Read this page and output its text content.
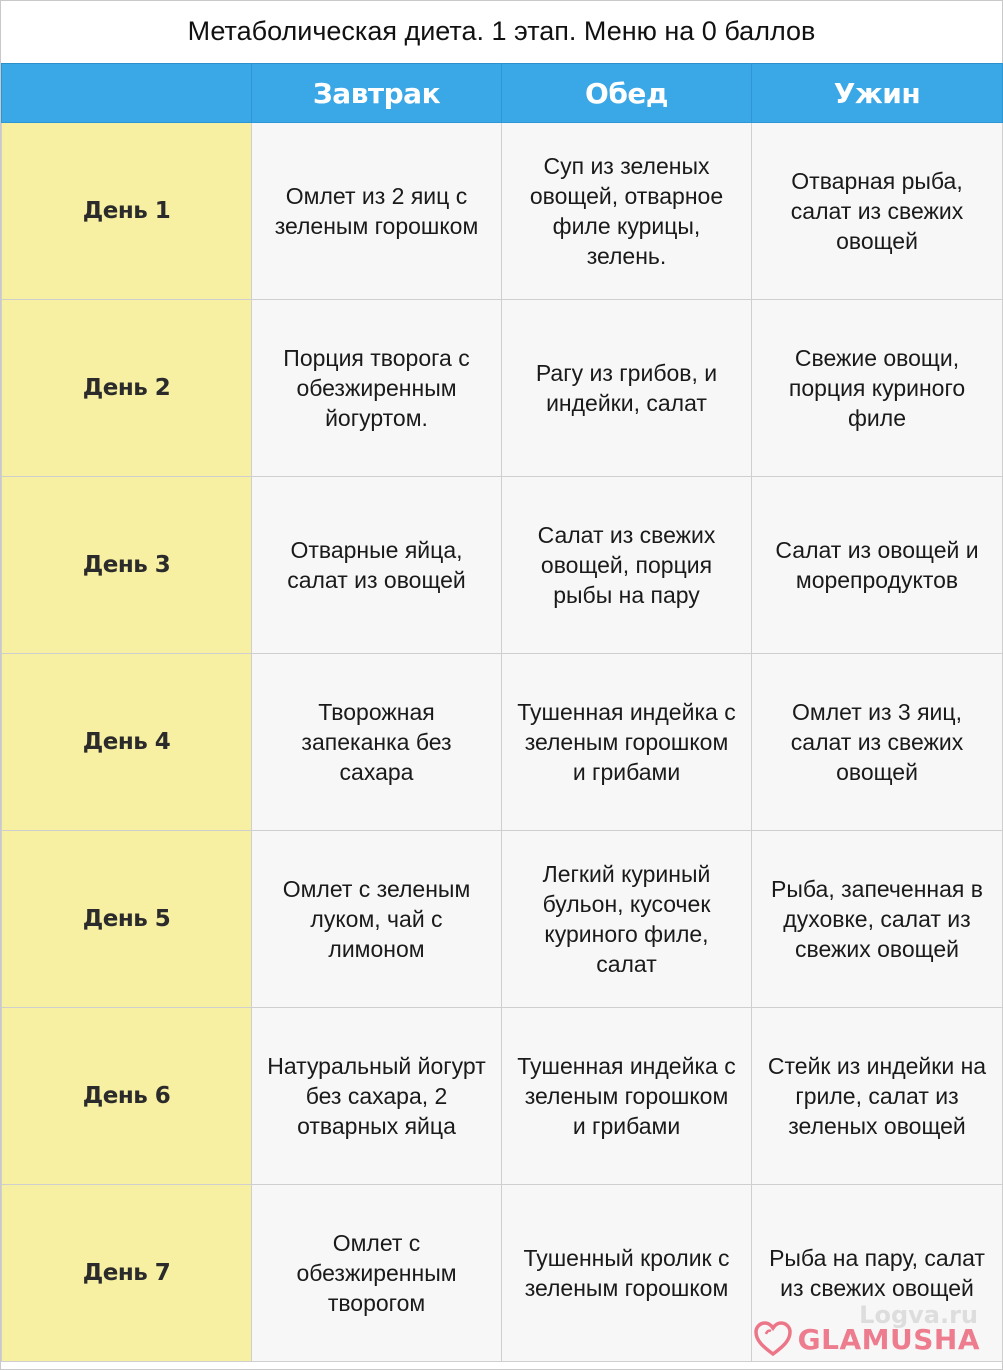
Метаболическая диета. 1 этап. Меню на 0 баллов
	Завтрак	Обед	Ужин
День 1	Омлет из 2 яиц с зеленым горошком	Суп из зеленых овощей, отварное филе курицы, зелень.	Отварная рыба, салат из свежих овощей
День 2	Порция творога с обезжиренным йогуртом.	Рагу из грибов, и индейки, салат	Свежие овощи, порция куриного филе
День 3	Отварные яйца, салат из овощей	Салат из свежих овощей, порция рыбы на пару	Салат из овощей и морепродуктов
День 4	Творожная запеканка без сахара	Тушенная индейка с зеленым горошком и грибами	Омлет из 3 яиц, салат из свежих овощей
День 5	Омлет с зеленым луком, чай с лимоном	Легкий куриный бульон, кусочек куриного филе, салат	Рыба, запеченная в духовке, салат из свежих овощей
День 6	Натуральный йогурт без сахара, 2 отварных яйца	Тушенная индейка с зеленым горошком и грибами	Стейк из индейки на гриле, салат из зеленых овощей
День 7	Омлет с обезжиренным творогом	Тушенный кролик с зеленым горошком	Рыба на пару, салат из свежих овощей
Logva.ru
GLAMUSHA
